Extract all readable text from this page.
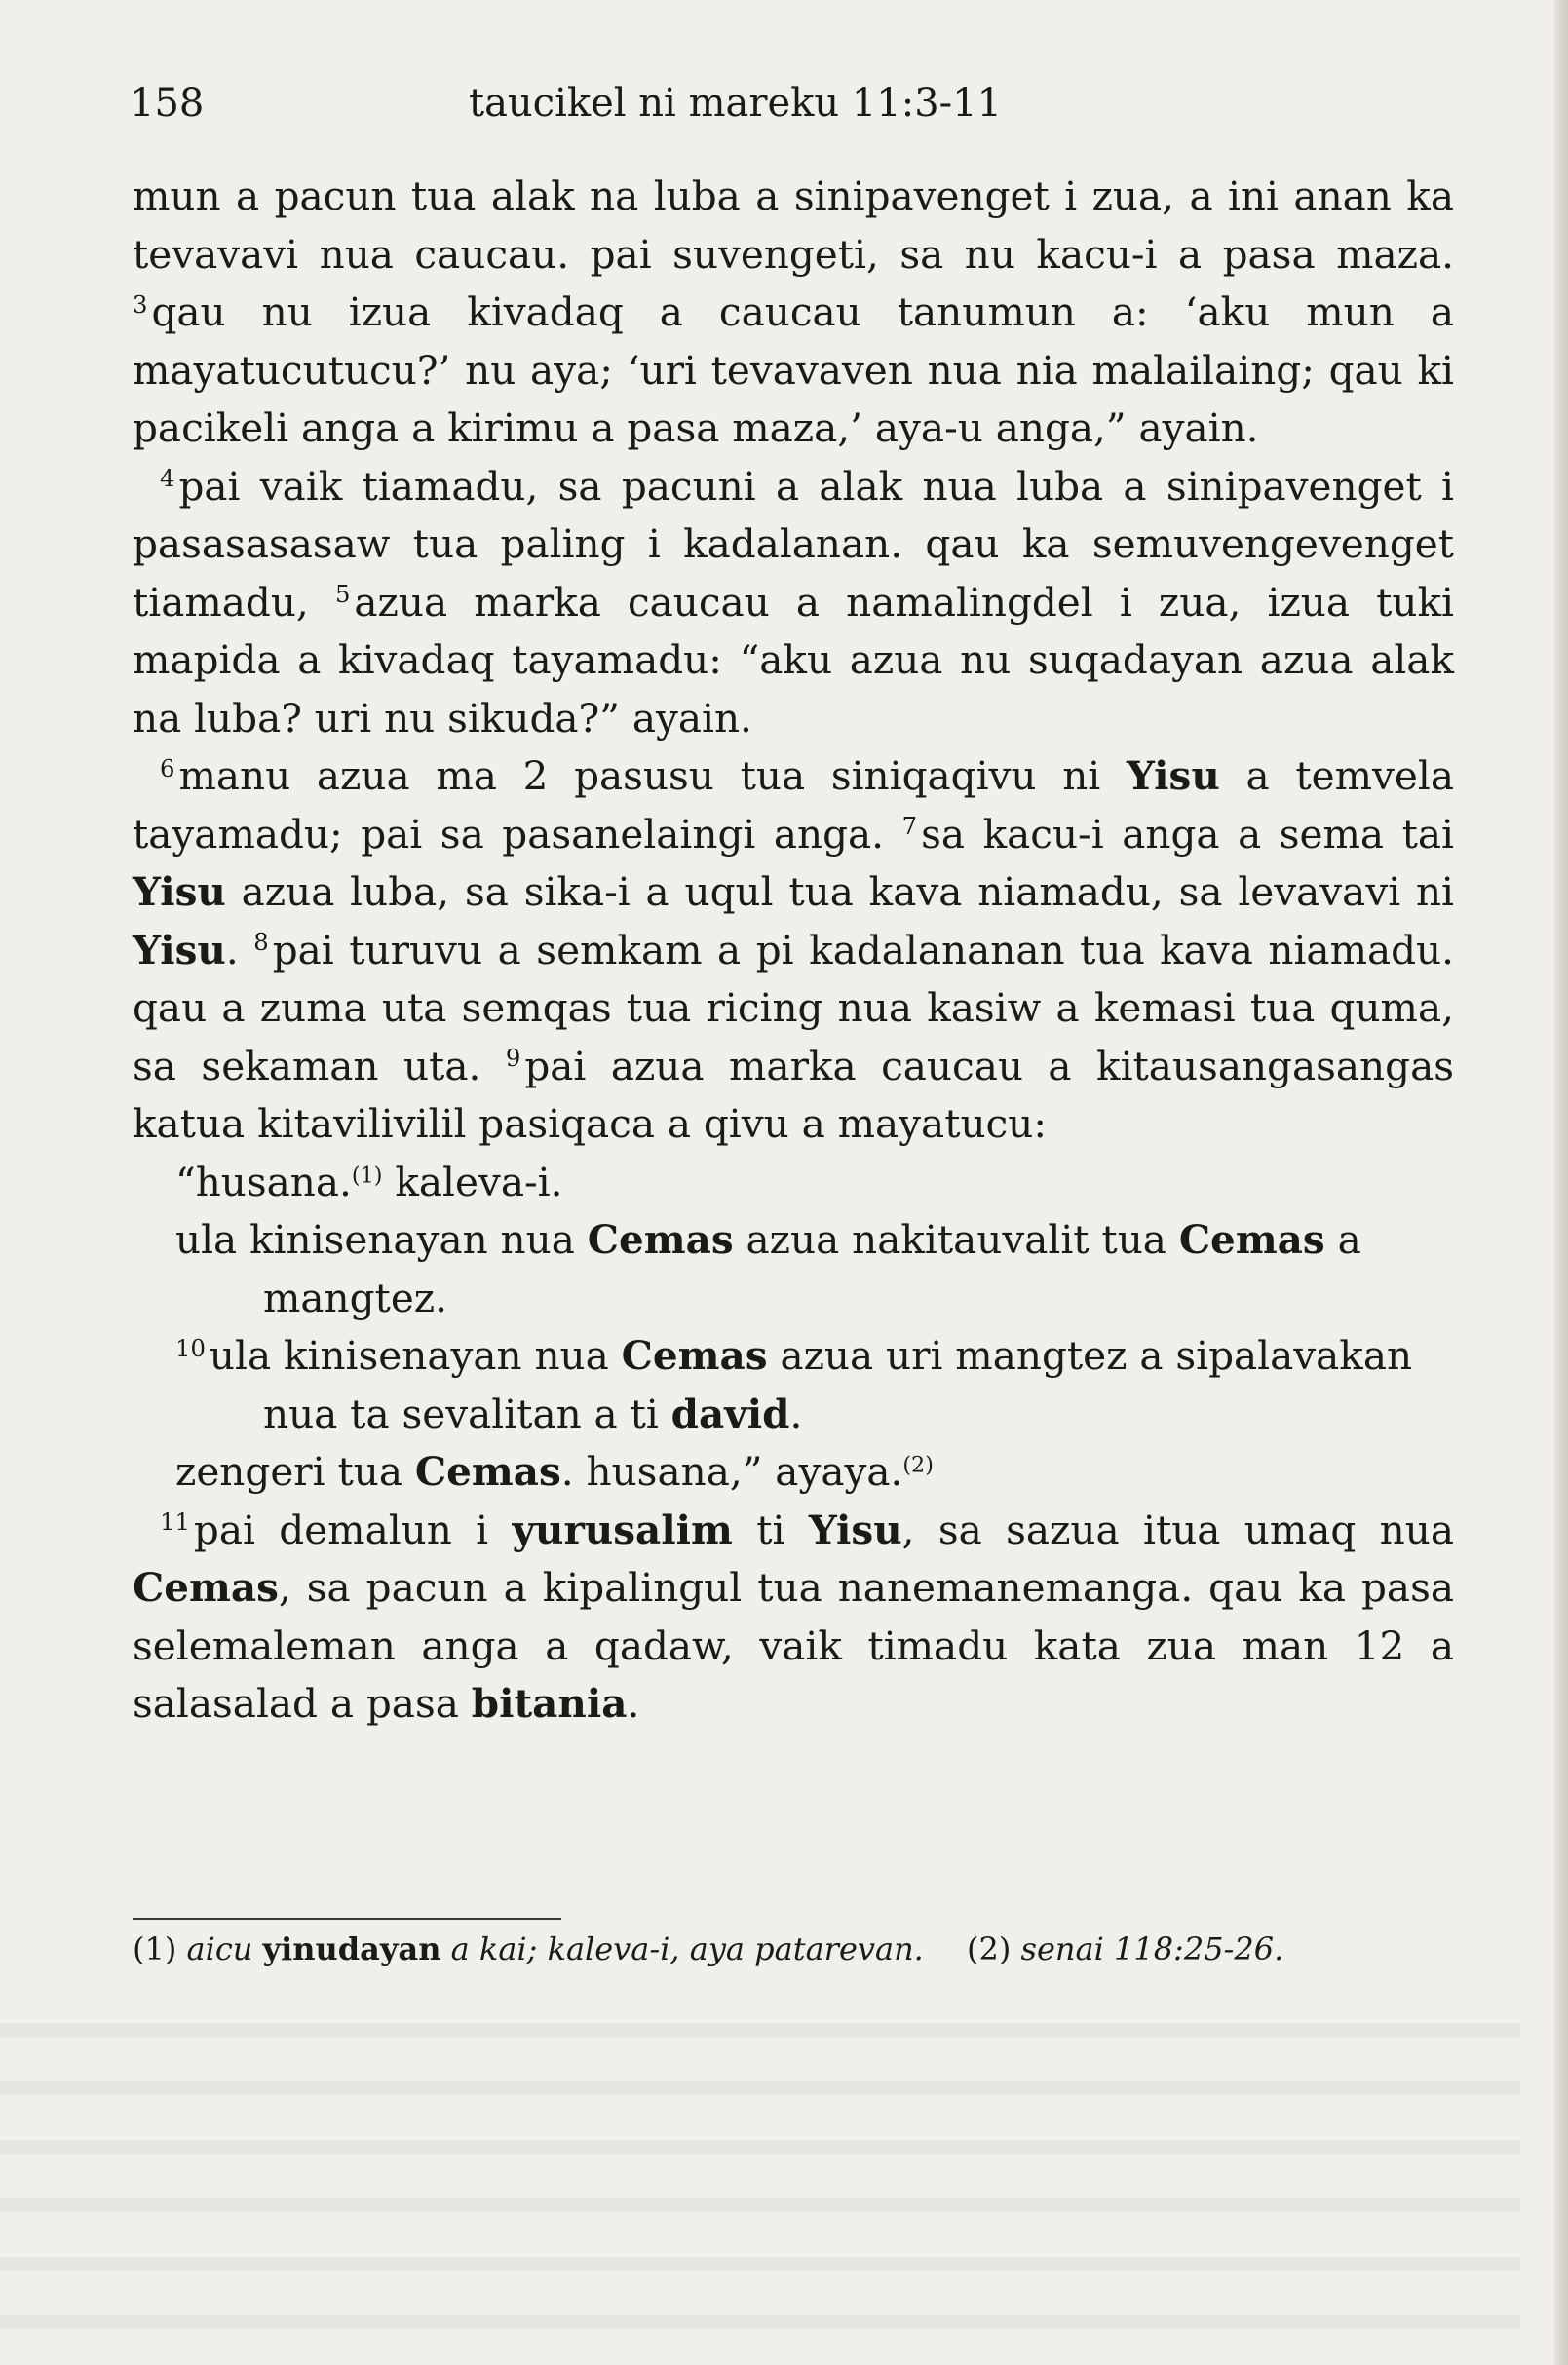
158	taucikel ni mareku 11:3-11

mun a pacun tua alak na luba a sinipavenget i zua, a ini anan ka tevavavi nua caucau. pai suvengeti, sa nu kacu-i a pasa maza. $^3$qau nu izua kivadaq a caucau tanumun a: ‘aku mun a mayatucutucu?’ nu aya; ‘uri tevavaven nua nia malailaing; qau ki pacikeli anga a kirimu a pasa maza,’ aya-u anga,” ayain.

$^4$pai vaik tiamadu, sa pacuni a alak nua luba a sinipavenget i pasasasasaw tua paling i kadalanan. qau ka semuvengevenget tiamadu, $^5$azua marka caucau a namalingdel i zua, izua tuki mapida a kivadaq tayamadu: “aku azua nu suqadayan azua alak na luba? uri nu sikuda?” ayain.

$^6$manu azua ma 2 pasusu tua siniqaqivu ni Yisu a temvela tayamadu; pai sa pasanelaingi anga. $^7$sa kacu-i anga a sema tai Yisu azua luba, sa sika-i a uqul tua kava niamadu, sa levavavi ni Yisu. $^8$pai turuvu a semkam a pi kadalananan tua kava niamadu. qau a zuma uta semqas tua ricing nua kasiw a kemasi tua quma, sa sekaman uta. $^9$pai azua marka caucau a kitausangasangas katua kitavilivilil pasiqaca a qivu a mayatucu:

“husana.$^{(1)}$ kaleva-i.

ula kinisenayan nua Cemas azua nakitauvalit tua Cemas a mangtez.

$^{10}$ula kinisenayan nua Cemas azua uri mangtez a sipalavakan nua ta sevalitan a ti david.

zengeri tua Cemas. husana,” ayaya.$^{(2)}$

$^{11}$pai demalun i yurusalim ti Yisu, sa sazua itua umaq nua Cemas, sa pacun a kipalingul tua nanemanemanga. qau ka pasa selemaleman anga a qadaw, vaik timadu kata zua man 12 a salasalad a pasa bitania.

(1) aicu yinudayan a kai; kaleva-i, aya patarevan. (2) senai 118:25-26.
